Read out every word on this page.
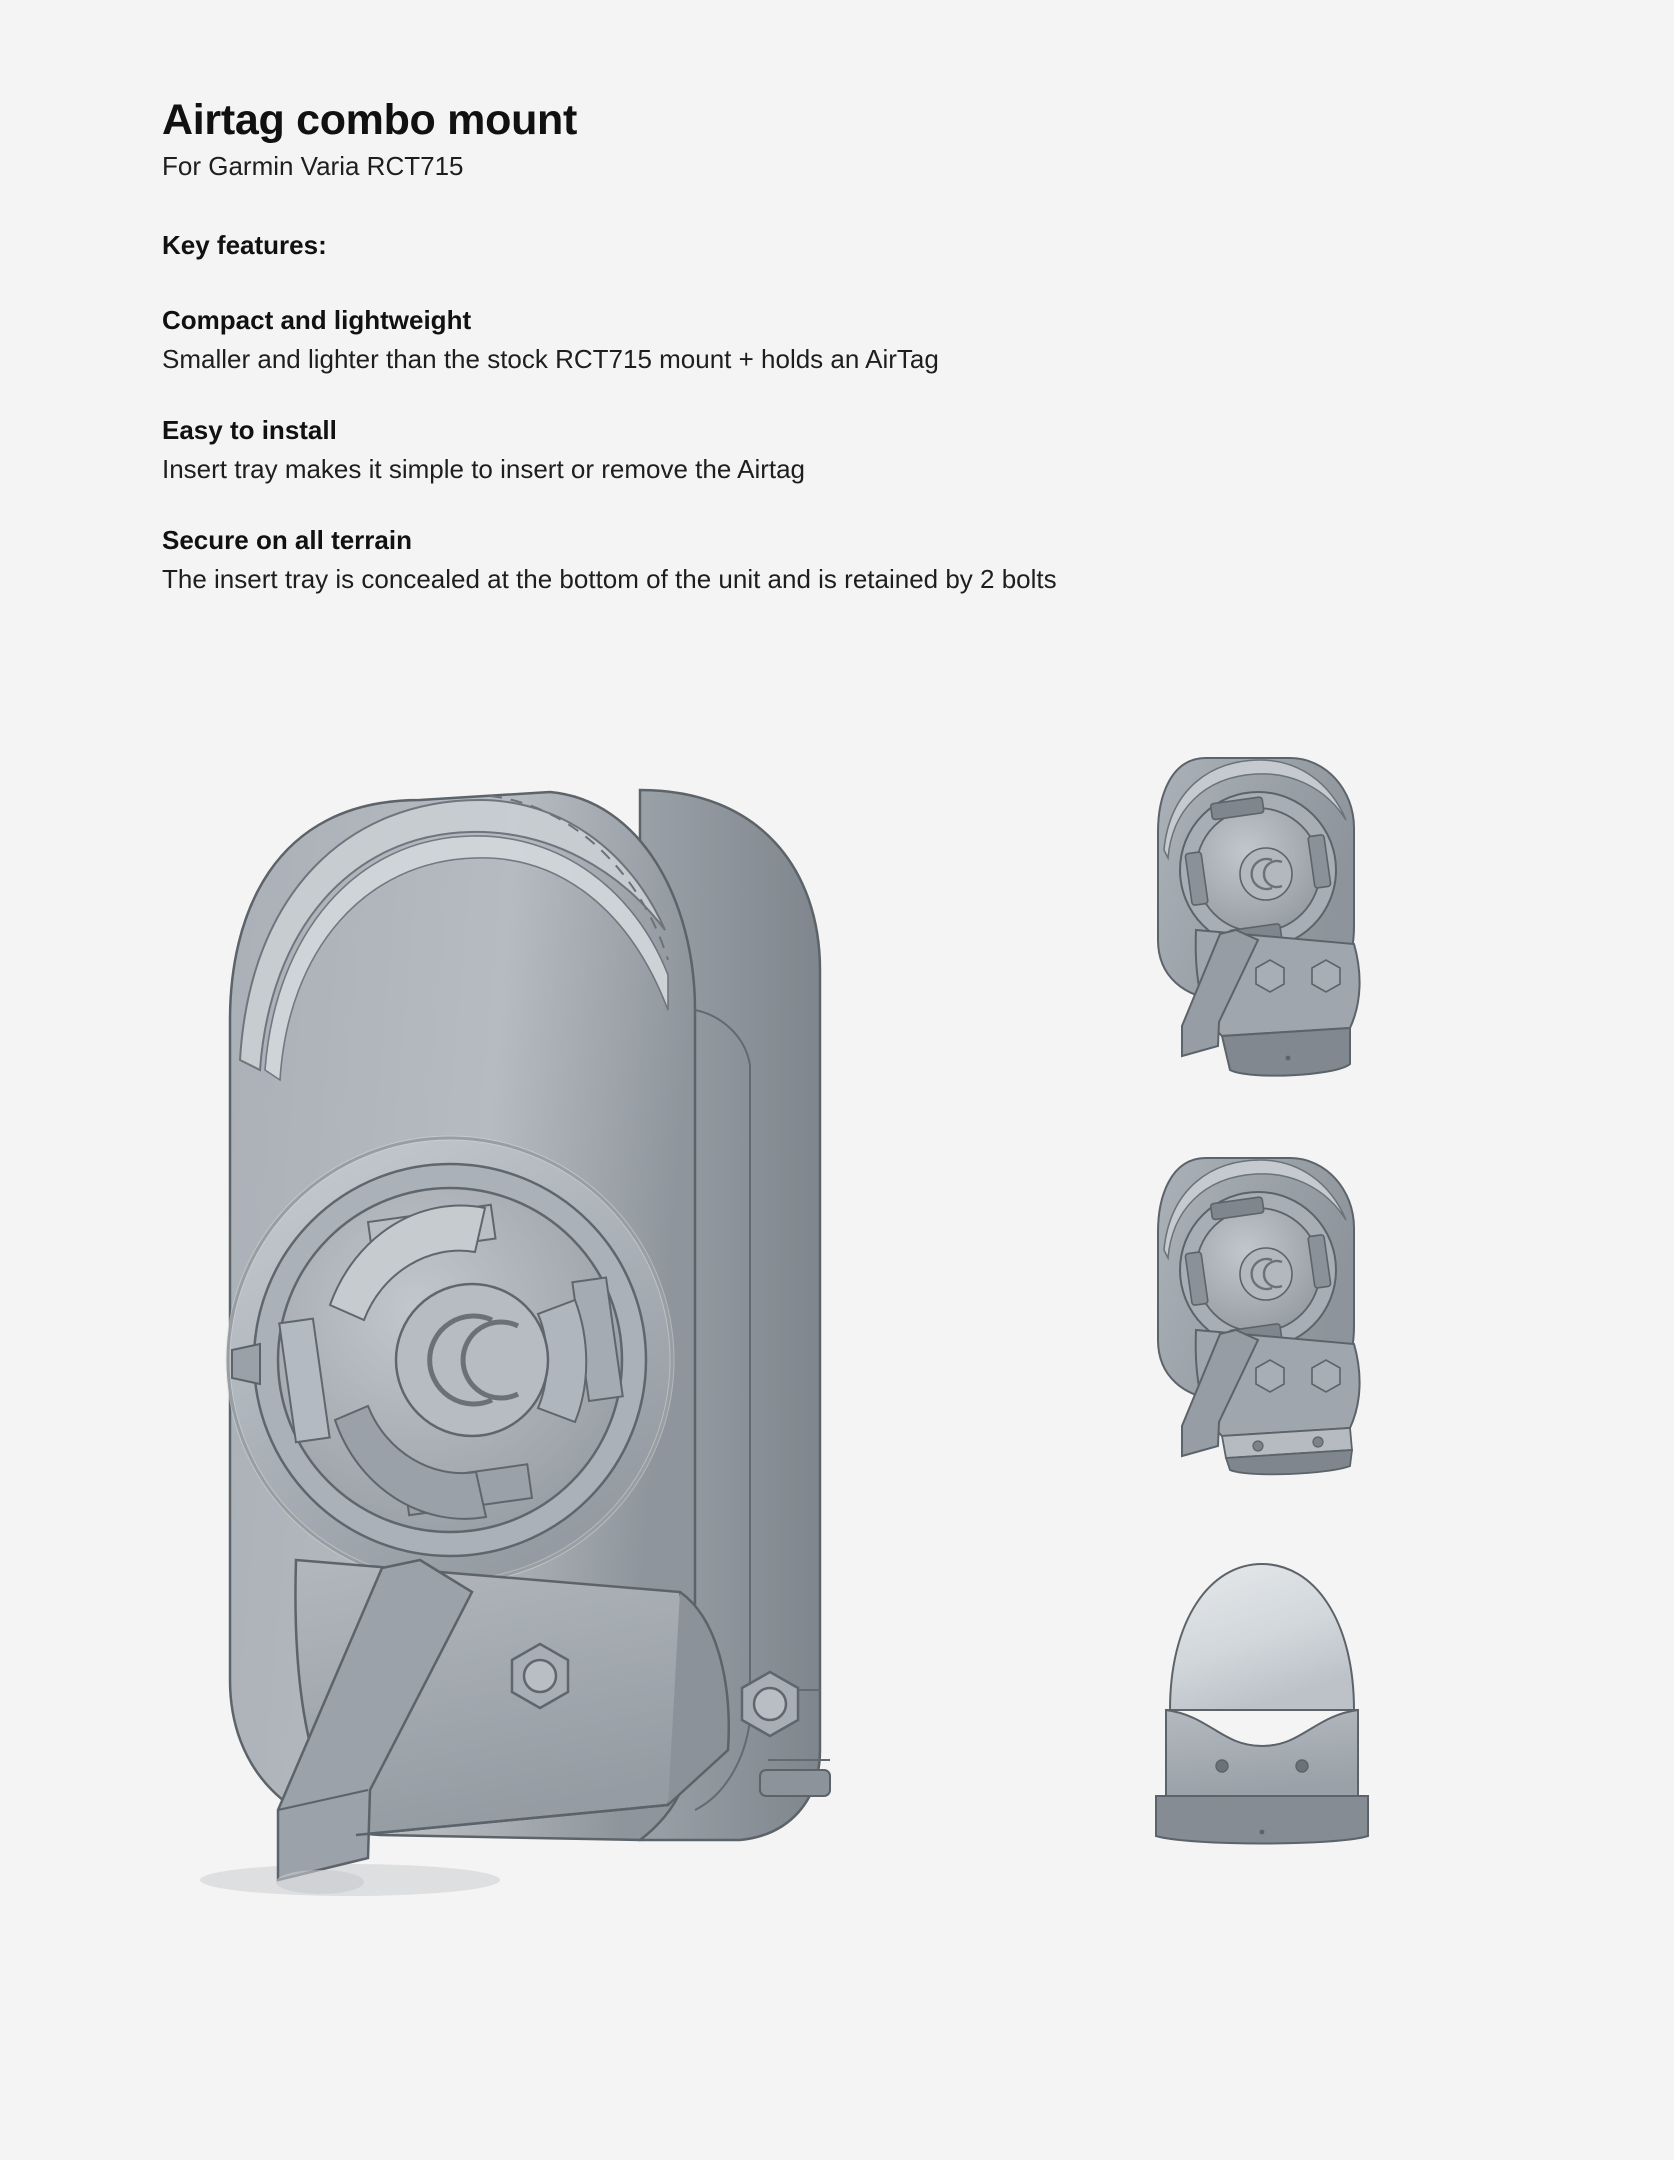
Airtag combo mount

For Garmin Varia RCT715

Key features:

Compact and lightweight

Smaller and lighter than the stock RCT715 mount + holds an AirTag

Easy to install

Insert tray makes it simple to insert or remove the Airtag

Secure on all terrain

The insert tray is concealed at the bottom of the unit and is retained by 2 bolts
